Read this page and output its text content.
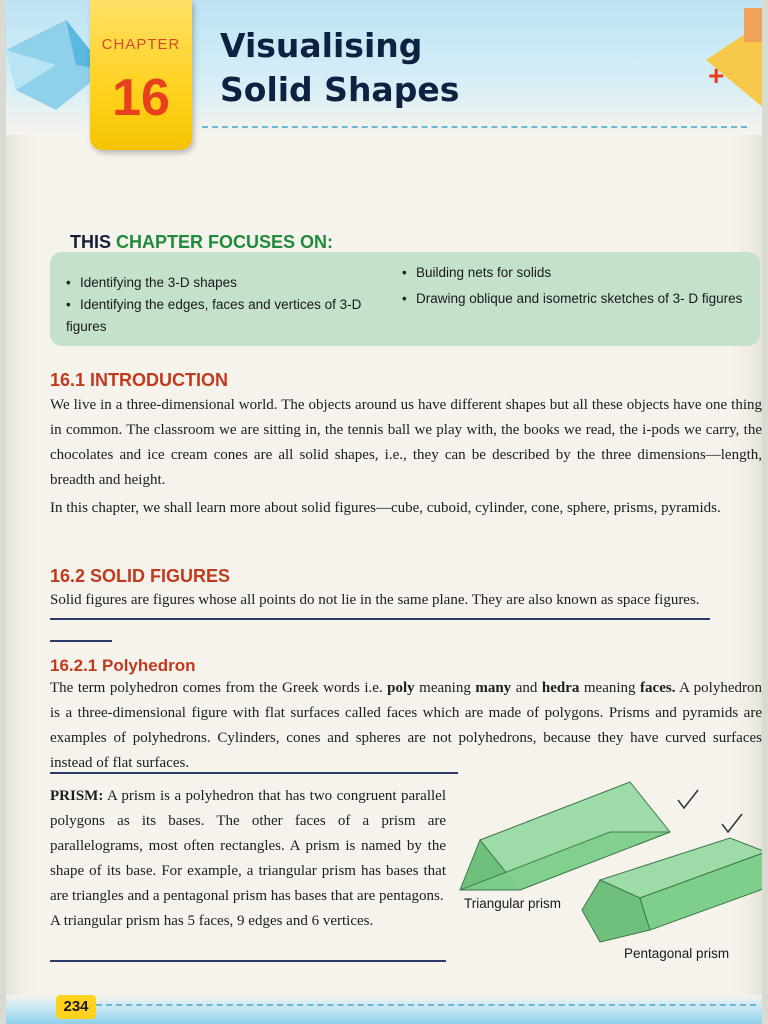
+
CHAPTER
16
Visualising
Solid Shapes
THIS CHAPTER FOCUSES ON:
• Identifying the 3-D shapes
• Identifying the edges, faces and vertices of 3-D figures
• Building nets for solids
• Drawing oblique and isometric sketches of 3- D figures
16.1 INTRODUCTION
We live in a three-dimensional world. The objects around us have different shapes but all these objects have one thing in common. The classroom we are sitting in, the tennis ball we play with, the books we read, the i-pods we carry, the chocolates and ice cream cones are all solid shapes, i.e., they can be described by the three dimensions—length, breadth and height.
In this chapter, we shall learn more about solid figures—cube, cuboid, cylinder, cone, sphere, prisms, pyramids.
16.2 SOLID FIGURES
Solid figures are figures whose all points do not lie in the same plane. They are also known as space figures.
16.2.1 Polyhedron
The term polyhedron comes from the Greek words i.e. poly meaning many and hedra meaning faces. A polyhedron is a three-dimensional figure with flat surfaces called faces which are made of polygons. Prisms and pyramids are examples of polyhedrons. Cylinders, cones and spheres are not polyhedrons, because they have curved surfaces instead of flat surfaces.
PRISM: A prism is a polyhedron that has two congruent parallel polygons as its bases. The other faces of a prism are parallelograms, most often rectangles. A prism is named by the shape of its base. For example, a triangular prism has bases that are triangles and a pentagonal prism has bases that are pentagons.
A triangular prism has 5 faces, 9 edges and 6 vertices.
Triangular prism
Pentagonal prism
234
